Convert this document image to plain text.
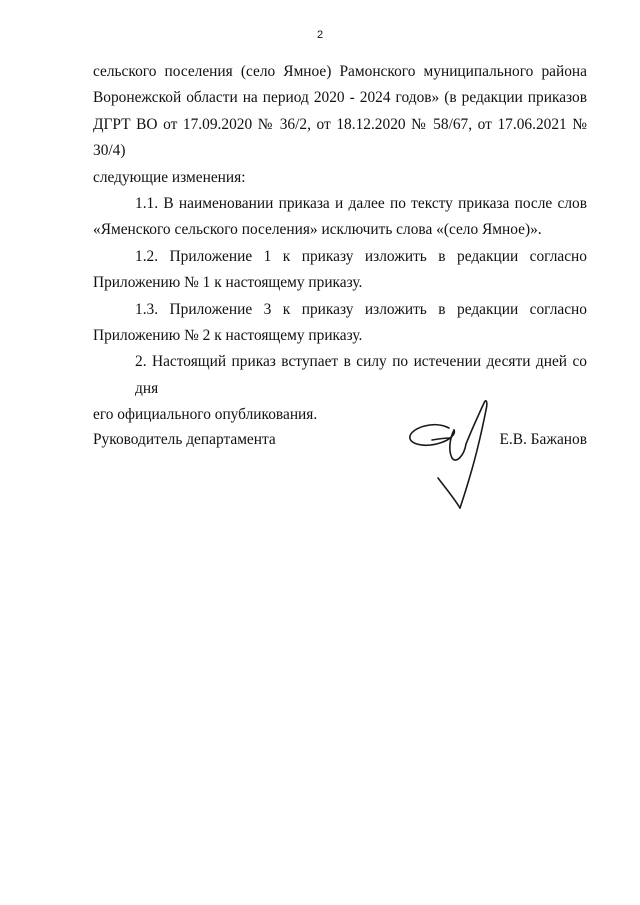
2
сельского поселения (село Ямное) Рамонского муниципального района
Воронежской области на период 2020 - 2024 годов» (в редакции приказов
ДГРТ ВО от 17.09.2020 № 36/2, от 18.12.2020 № 58/67, от 17.06.2021 № 30/4)
следующие изменения:
1.1. В наименовании приказа и далее по тексту приказа после слов
«Яменского сельского поселения» исключить слова «(село Ямное)».
1.2. Приложение 1 к приказу изложить в редакции согласно
Приложению № 1 к настоящему приказу.
1.3. Приложение 3 к приказу изложить в редакции согласно
Приложению № 2 к настоящему приказу.
2. Настоящий приказ вступает в силу по истечении десяти дней со дня
его официального опубликования.
Руководитель департамента	Е.В. Бажанов
